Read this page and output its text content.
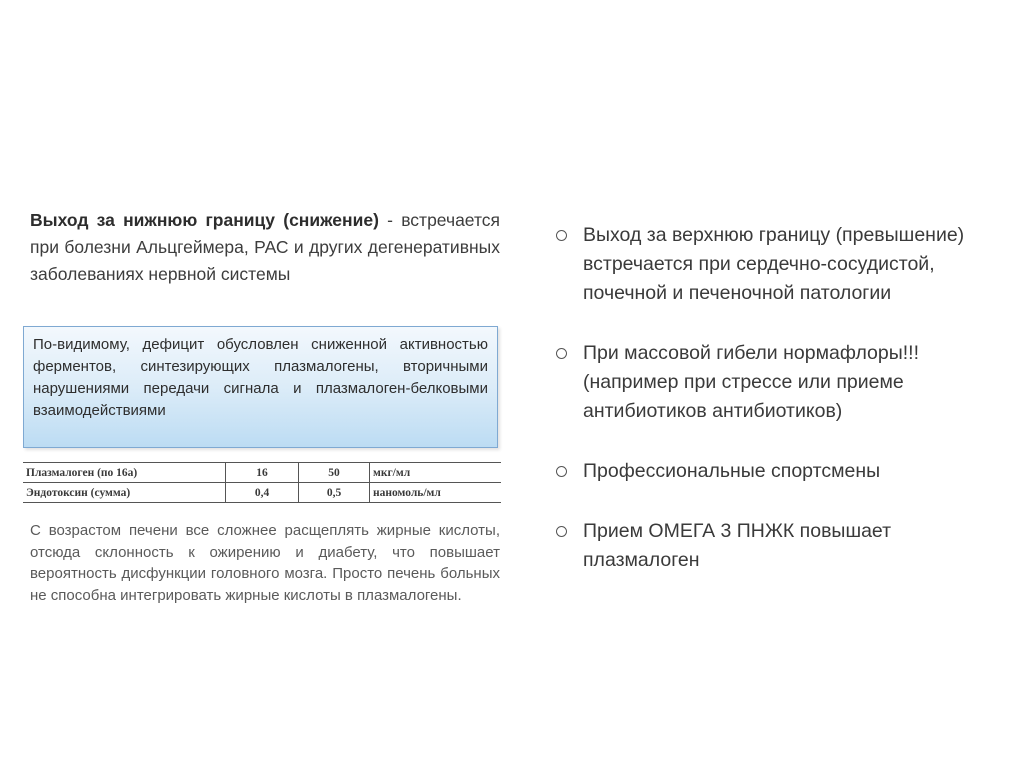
Выход за нижнюю границу (снижение) - встречается при болезни Альцгеймера, РАС и других дегенеративных заболеваниях нервной системы

По-видимому, дефицит обусловлен сниженной активностью ферментов, синтезирующих плазмалогены, вторичными нарушениями передачи сигнала и плазмалоген-белковыми взаимодействиями

Плазмалоген (по 16а)	16	50	мкг/мл
Эндотоксин (сумма)	0,4	0,5	наномоль/мл

С возрастом печени все сложнее расщеплять жирные кислоты, отсюда склонность к ожирению и диабету, что повышает вероятность дисфункции головного мозга. Просто печень больных не способна интегрировать жирные кислоты в плазмалогены.

Выход за верхнюю границу (превышение) встречается при сердечно-сосудистой, почечной и печеночной патологии
При массовой гибели нормафлоры!!! (например при стрессе или приеме антибиотиков антибиотиков)
Профессиональные спортсмены
Прием ОМЕГА 3 ПНЖК повышает плазмалоген
